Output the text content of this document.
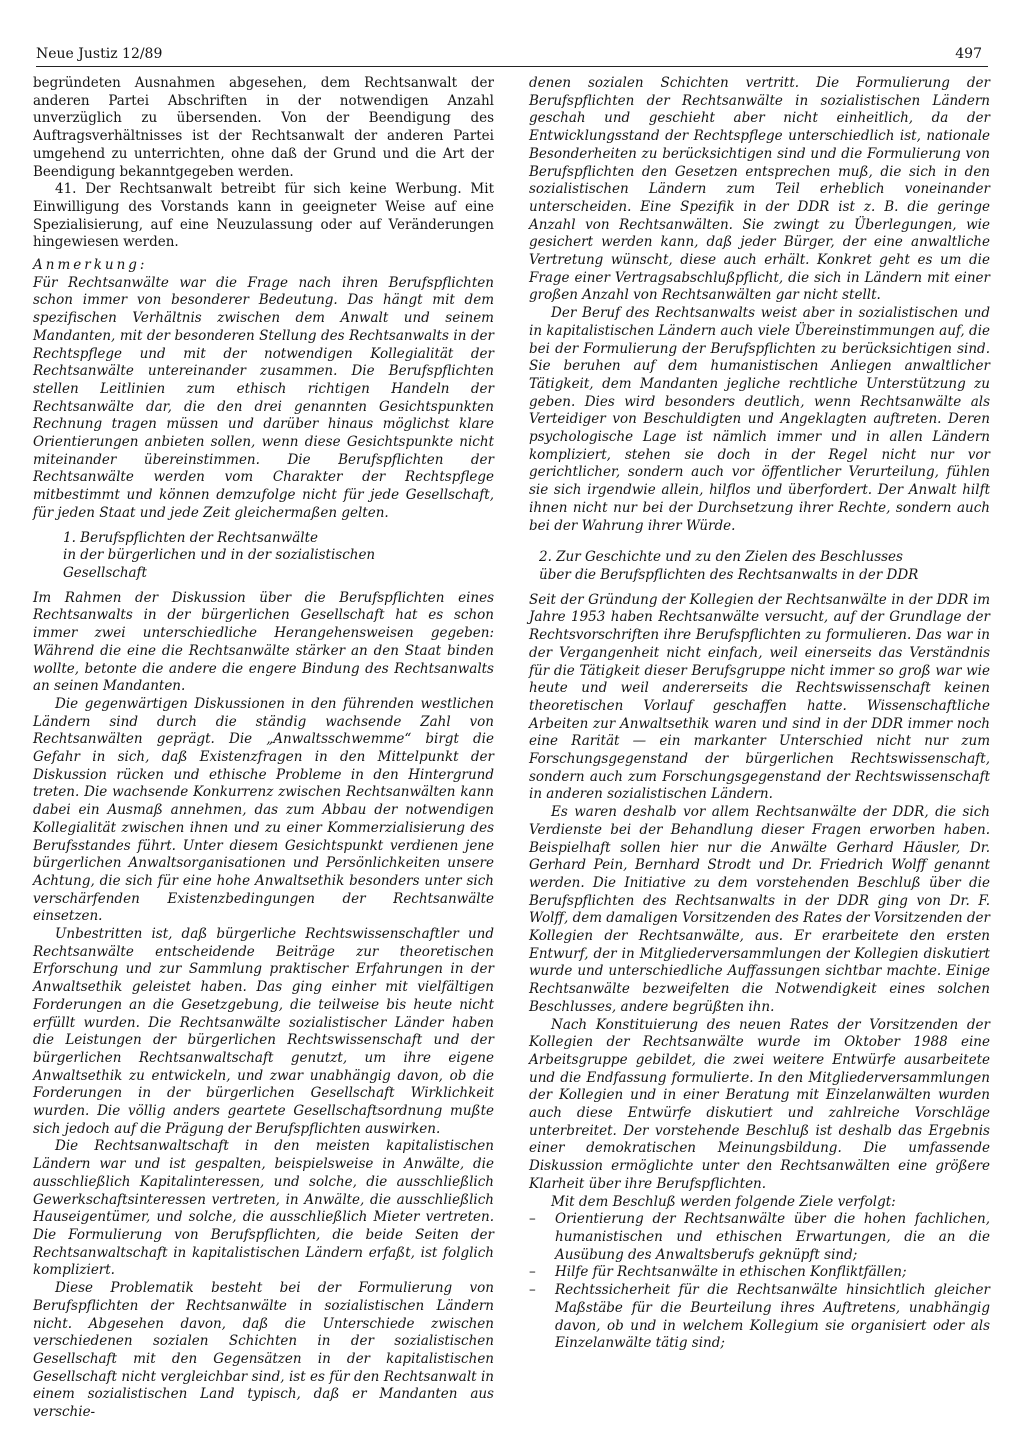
Neue Justiz 12/89	497

begründeten Ausnahmen abgesehen, dem Rechtsanwalt der anderen Partei Abschriften in der notwendigen Anzahl unverzüglich zu übersenden. Von der Beendigung des Auftragsverhältnisses ist der Rechtsanwalt der anderen Partei umgehend zu unterrichten, ohne daß der Grund und die Art der Beendigung bekanntgegeben werden.

41. Der Rechtsanwalt betreibt für sich keine Werbung. Mit Einwilligung des Vorstands kann in geeigneter Weise auf eine Spezialisierung, auf eine Neuzulassung oder auf Veränderungen hingewiesen werden.

Anmerkung:

Für Rechtsanwälte war die Frage nach ihren Berufspflichten schon immer von besonderer Bedeutung. Das hängt mit dem spezifischen Verhältnis zwischen dem Anwalt und seinem Mandanten, mit der besonderen Stellung des Rechtsanwalts in der Rechtspflege und mit der notwendigen Kollegialität der Rechtsanwälte untereinander zusammen. Die Berufspflichten stellen Leitlinien zum ethisch richtigen Handeln der Rechtsanwälte dar, die den drei genannten Gesichtspunkten Rechnung tragen müssen und darüber hinaus möglichst klare Orientierungen anbieten sollen, wenn diese Gesichtspunkte nicht miteinander übereinstimmen. Die Berufspflichten der Rechtsanwälte werden vom Charakter der Rechtspflege mitbestimmt und können demzufolge nicht für jede Gesellschaft, für jeden Staat und jede Zeit gleichermaßen gelten.

1. Berufspflichten der Rechtsanwälte
in der bürgerlichen und in der sozialistischen
Gesellschaft

Im Rahmen der Diskussion über die Berufspflichten eines Rechtsanwalts in der bürgerlichen Gesellschaft hat es schon immer zwei unterschiedliche Herangehensweisen gegeben: Während die eine die Rechtsanwälte stärker an den Staat binden wollte, betonte die andere die engere Bindung des Rechtsanwalts an seinen Mandanten.

Die gegenwärtigen Diskussionen in den führenden westlichen Ländern sind durch die ständig wachsende Zahl von Rechtsanwälten geprägt. Die „Anwaltsschwemme“ birgt die Gefahr in sich, daß Existenzfragen in den Mittelpunkt der Diskussion rücken und ethische Probleme in den Hintergrund treten. Die wachsende Konkurrenz zwischen Rechtsanwälten kann dabei ein Ausmaß annehmen, das zum Abbau der notwendigen Kollegialität zwischen ihnen und zu einer Kommerzialisierung des Berufsstandes führt. Unter diesem Gesichtspunkt verdienen jene bürgerlichen Anwaltsorganisationen und Persönlichkeiten unsere Achtung, die sich für eine hohe Anwaltsethik besonders unter sich verschärfenden Existenzbedingungen der Rechtsanwälte einsetzen.

Unbestritten ist, daß bürgerliche Rechtswissenschaftler und Rechtsanwälte entscheidende Beiträge zur theoretischen Erforschung und zur Sammlung praktischer Erfahrungen in der Anwaltsethik geleistet haben. Das ging einher mit vielfältigen Forderungen an die Gesetzgebung, die teilweise bis heute nicht erfüllt wurden. Die Rechtsanwälte sozialistischer Länder haben die Leistungen der bürgerlichen Rechtswissenschaft und der bürgerlichen Rechtsanwaltschaft genutzt, um ihre eigene Anwaltsethik zu entwickeln, und zwar unabhängig davon, ob die Forderungen in der bürgerlichen Gesellschaft Wirklichkeit wurden. Die völlig anders geartete Gesellschaftsordnung mußte sich jedoch auf die Prägung der Berufspflichten auswirken.

Die Rechtsanwaltschaft in den meisten kapitalistischen Ländern war und ist gespalten, beispielsweise in Anwälte, die ausschließlich Kapitalinteressen, und solche, die ausschließlich Gewerkschaftsinteressen vertreten, in Anwälte, die ausschließlich Hauseigentümer, und solche, die ausschließlich Mieter vertreten. Die Formulierung von Berufspflichten, die beide Seiten der Rechtsanwaltschaft in kapitalistischen Ländern erfaßt, ist folglich kompliziert.

Diese Problematik besteht bei der Formulierung von Berufspflichten der Rechtsanwälte in sozialistischen Ländern nicht. Abgesehen davon, daß die Unterschiede zwischen verschiedenen sozialen Schichten in der sozialistischen Gesellschaft mit den Gegensätzen in der kapitalistischen Gesellschaft nicht vergleichbar sind, ist es für den Rechtsanwalt in einem sozialistischen Land typisch, daß er Mandanten aus verschie-

denen sozialen Schichten vertritt. Die Formulierung der Berufspflichten der Rechtsanwälte in sozialistischen Ländern geschah und geschieht aber nicht einheitlich, da der Entwicklungsstand der Rechtspflege unterschiedlich ist, nationale Besonderheiten zu berücksichtigen sind und die Formulierung von Berufspflichten den Gesetzen entsprechen muß, die sich in den sozialistischen Ländern zum Teil erheblich voneinander unterscheiden. Eine Spezifik in der DDR ist z. B. die geringe Anzahl von Rechtsanwälten. Sie zwingt zu Überlegungen, wie gesichert werden kann, daß jeder Bürger, der eine anwaltliche Vertretung wünscht, diese auch erhält. Konkret geht es um die Frage einer Vertragsabschlußpflicht, die sich in Ländern mit einer großen Anzahl von Rechtsanwälten gar nicht stellt.

Der Beruf des Rechtsanwalts weist aber in sozialistischen und in kapitalistischen Ländern auch viele Übereinstimmungen auf, die bei der Formulierung der Berufspflichten zu berücksichtigen sind. Sie beruhen auf dem humanistischen Anliegen anwaltlicher Tätigkeit, dem Mandanten jegliche rechtliche Unterstützung zu geben. Dies wird besonders deutlich, wenn Rechtsanwälte als Verteidiger von Beschuldigten und Angeklagten auftreten. Deren psychologische Lage ist nämlich immer und in allen Ländern kompliziert, stehen sie doch in der Regel nicht nur vor gerichtlicher, sondern auch vor öffentlicher Verurteilung, fühlen sie sich irgendwie allein, hilflos und überfordert. Der Anwalt hilft ihnen nicht nur bei der Durchsetzung ihrer Rechte, sondern auch bei der Wahrung ihrer Würde.

2. Zur Geschichte und zu den Zielen des Beschlusses
über die Berufspflichten des Rechtsanwalts in der DDR

Seit der Gründung der Kollegien der Rechtsanwälte in der DDR im Jahre 1953 haben Rechtsanwälte versucht, auf der Grundlage der Rechtsvorschriften ihre Berufspflichten zu formulieren. Das war in der Vergangenheit nicht einfach, weil einerseits das Verständnis für die Tätigkeit dieser Berufsgruppe nicht immer so groß war wie heute und weil andererseits die Rechtswissenschaft keinen theoretischen Vorlauf geschaffen hatte. Wissenschaftliche Arbeiten zur Anwaltsethik waren und sind in der DDR immer noch eine Rarität — ein markanter Unterschied nicht nur zum Forschungsgegenstand der bürgerlichen Rechtswissenschaft, sondern auch zum Forschungsgegenstand der Rechtswissenschaft in anderen sozialistischen Ländern.

Es waren deshalb vor allem Rechtsanwälte der DDR, die sich Verdienste bei der Behandlung dieser Fragen erworben haben. Beispielhaft sollen hier nur die Anwälte Gerhard Häusler, Dr. Gerhard Pein, Bernhard Strodt und Dr. Friedrich Wolff genannt werden. Die Initiative zu dem vorstehenden Beschluß über die Berufspflichten des Rechtsanwalts in der DDR ging von Dr. F. Wolff, dem damaligen Vorsitzenden des Rates der Vorsitzenden der Kollegien der Rechtsanwälte, aus. Er erarbeitete den ersten Entwurf, der in Mitgliederversammlungen der Kollegien diskutiert wurde und unterschiedliche Auffassungen sichtbar machte. Einige Rechtsanwälte bezweifelten die Notwendigkeit eines solchen Beschlusses, andere begrüßten ihn.

Nach Konstituierung des neuen Rates der Vorsitzenden der Kollegien der Rechtsanwälte wurde im Oktober 1988 eine Arbeitsgruppe gebildet, die zwei weitere Entwürfe ausarbeitete und die Endfassung formulierte. In den Mitgliederversammlungen der Kollegien und in einer Beratung mit Einzelanwälten wurden auch diese Entwürfe diskutiert und zahlreiche Vorschläge unterbreitet. Der vorstehende Beschluß ist deshalb das Ergebnis einer demokratischen Meinungsbildung. Die umfassende Diskussion ermöglichte unter den Rechtsanwälten eine größere Klarheit über ihre Berufspflichten.

Mit dem Beschluß werden folgende Ziele verfolgt:

– Orientierung der Rechtsanwälte über die hohen fachlichen, humanistischen und ethischen Erwartungen, die an die Ausübung des Anwaltsberufs geknüpft sind;
– Hilfe für Rechtsanwälte in ethischen Konfliktfällen;
– Rechtssicherheit für die Rechtsanwälte hinsichtlich gleicher Maßstäbe für die Beurteilung ihres Auftretens, unabhängig davon, ob und in welchem Kollegium sie organisiert oder als Einzelanwälte tätig sind;
